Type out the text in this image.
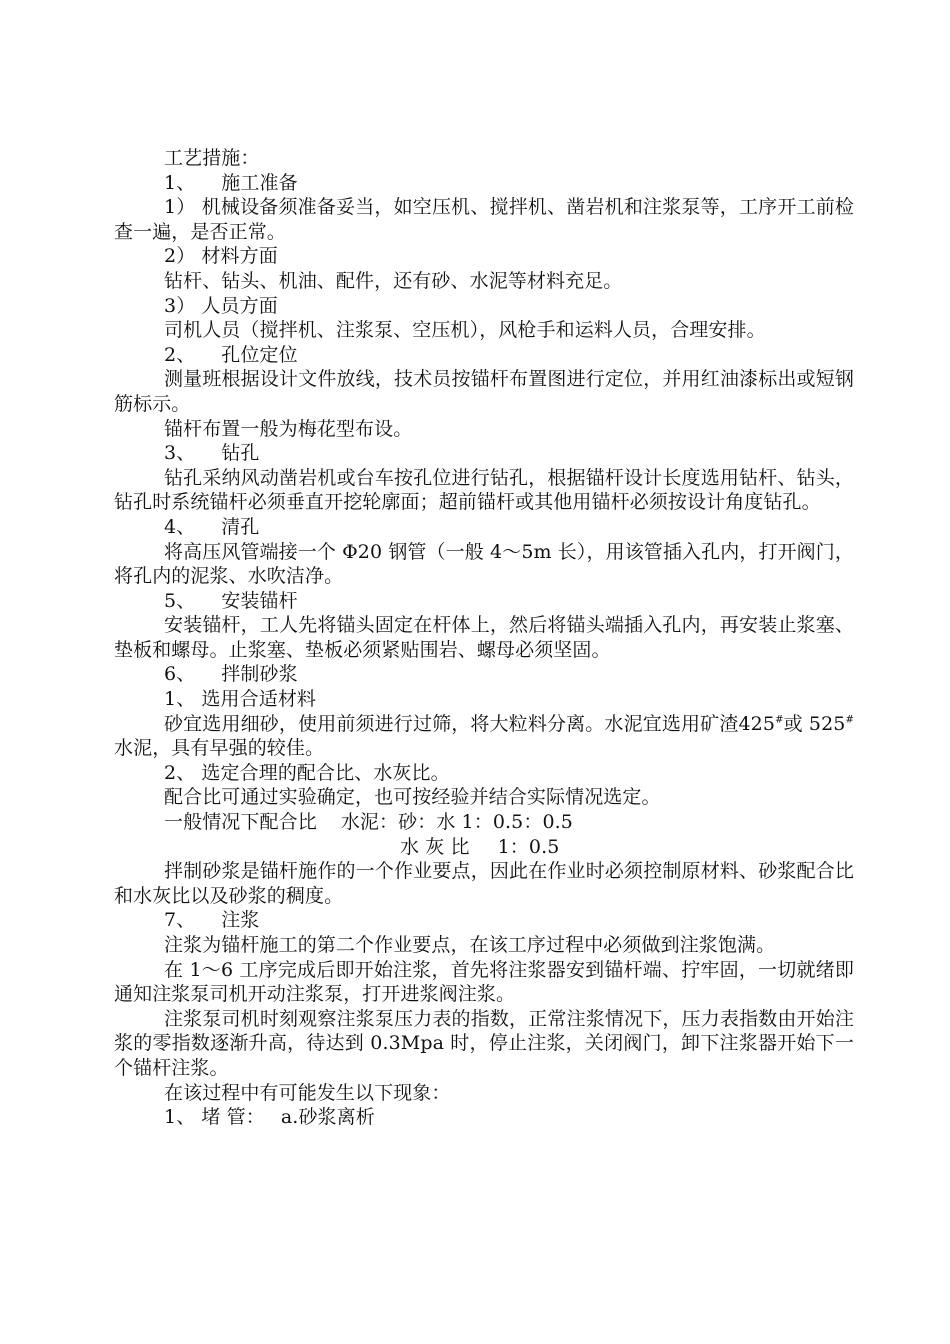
工艺措施：

1、 施工准备

1） 机械设备须准备妥当，如空压机、搅拌机、凿岩机和注浆泵等，工序开工前检查一遍，是否正常。

2） 材料方面

钻杆、钻头、机油、配件，还有砂、水泥等材料充足。

3） 人员方面

司机人员（搅拌机、注浆泵、空压机），风枪手和运料人员，合理安排。

2、 孔位定位

测量班根据设计文件放线，技术员按锚杆布置图进行定位，并用红油漆标出或短钢筋标示。

锚杆布置一般为梅花型布设。

3、 钻孔

钻孔采纳风动凿岩机或台车按孔位进行钻孔，根据锚杆设计长度选用钻杆、钻头，钻孔时系统锚杆必须垂直开挖轮廓面；超前锚杆或其他用锚杆必须按设计角度钻孔。

4、 清孔

将高压风管端接一个 Φ20 钢管（一般 4～5m 长），用该管插入孔内，打开阀门，将孔内的泥浆、水吹洁净。

5、 安装锚杆

安装锚杆，工人先将锚头固定在杆体上，然后将锚头端插入孔内，再安装止浆塞、垫板和螺母。止浆塞、垫板必须紧贴围岩、螺母必须坚固。

6、 拌制砂浆

1、 选用合适材料

砂宜选用细砂，使用前须进行过筛，将大粒料分离。水泥宜选用矿渣425#或 525#水泥，具有早强的较佳。

2、 选定合理的配合比、水灰比。

配合比可通过实验确定，也可按经验并结合实际情况选定。

一般情况下配合比 水泥：砂：水 1：0.5：0.5

水 灰 比 1：0.5

拌制砂浆是锚杆施作的一个作业要点，因此在作业时必须控制原材料、砂浆配合比和水灰比以及砂浆的稠度。

7、 注浆

注浆为锚杆施工的第二个作业要点，在该工序过程中必须做到注浆饱满。

在 1～6 工序完成后即开始注浆，首先将注浆器安到锚杆端、拧牢固，一切就绪即通知注浆泵司机开动注浆泵，打开进浆阀注浆。

注浆泵司机时刻观察注浆泵压力表的指数，正常注浆情况下，压力表指数由开始注浆的零指数逐渐升高，待达到 0.3Mpa 时，停止注浆，关闭阀门，卸下注浆器开始下一个锚杆注浆。

在该过程中有可能发生以下现象：

1、 堵 管： a.砂浆离析
